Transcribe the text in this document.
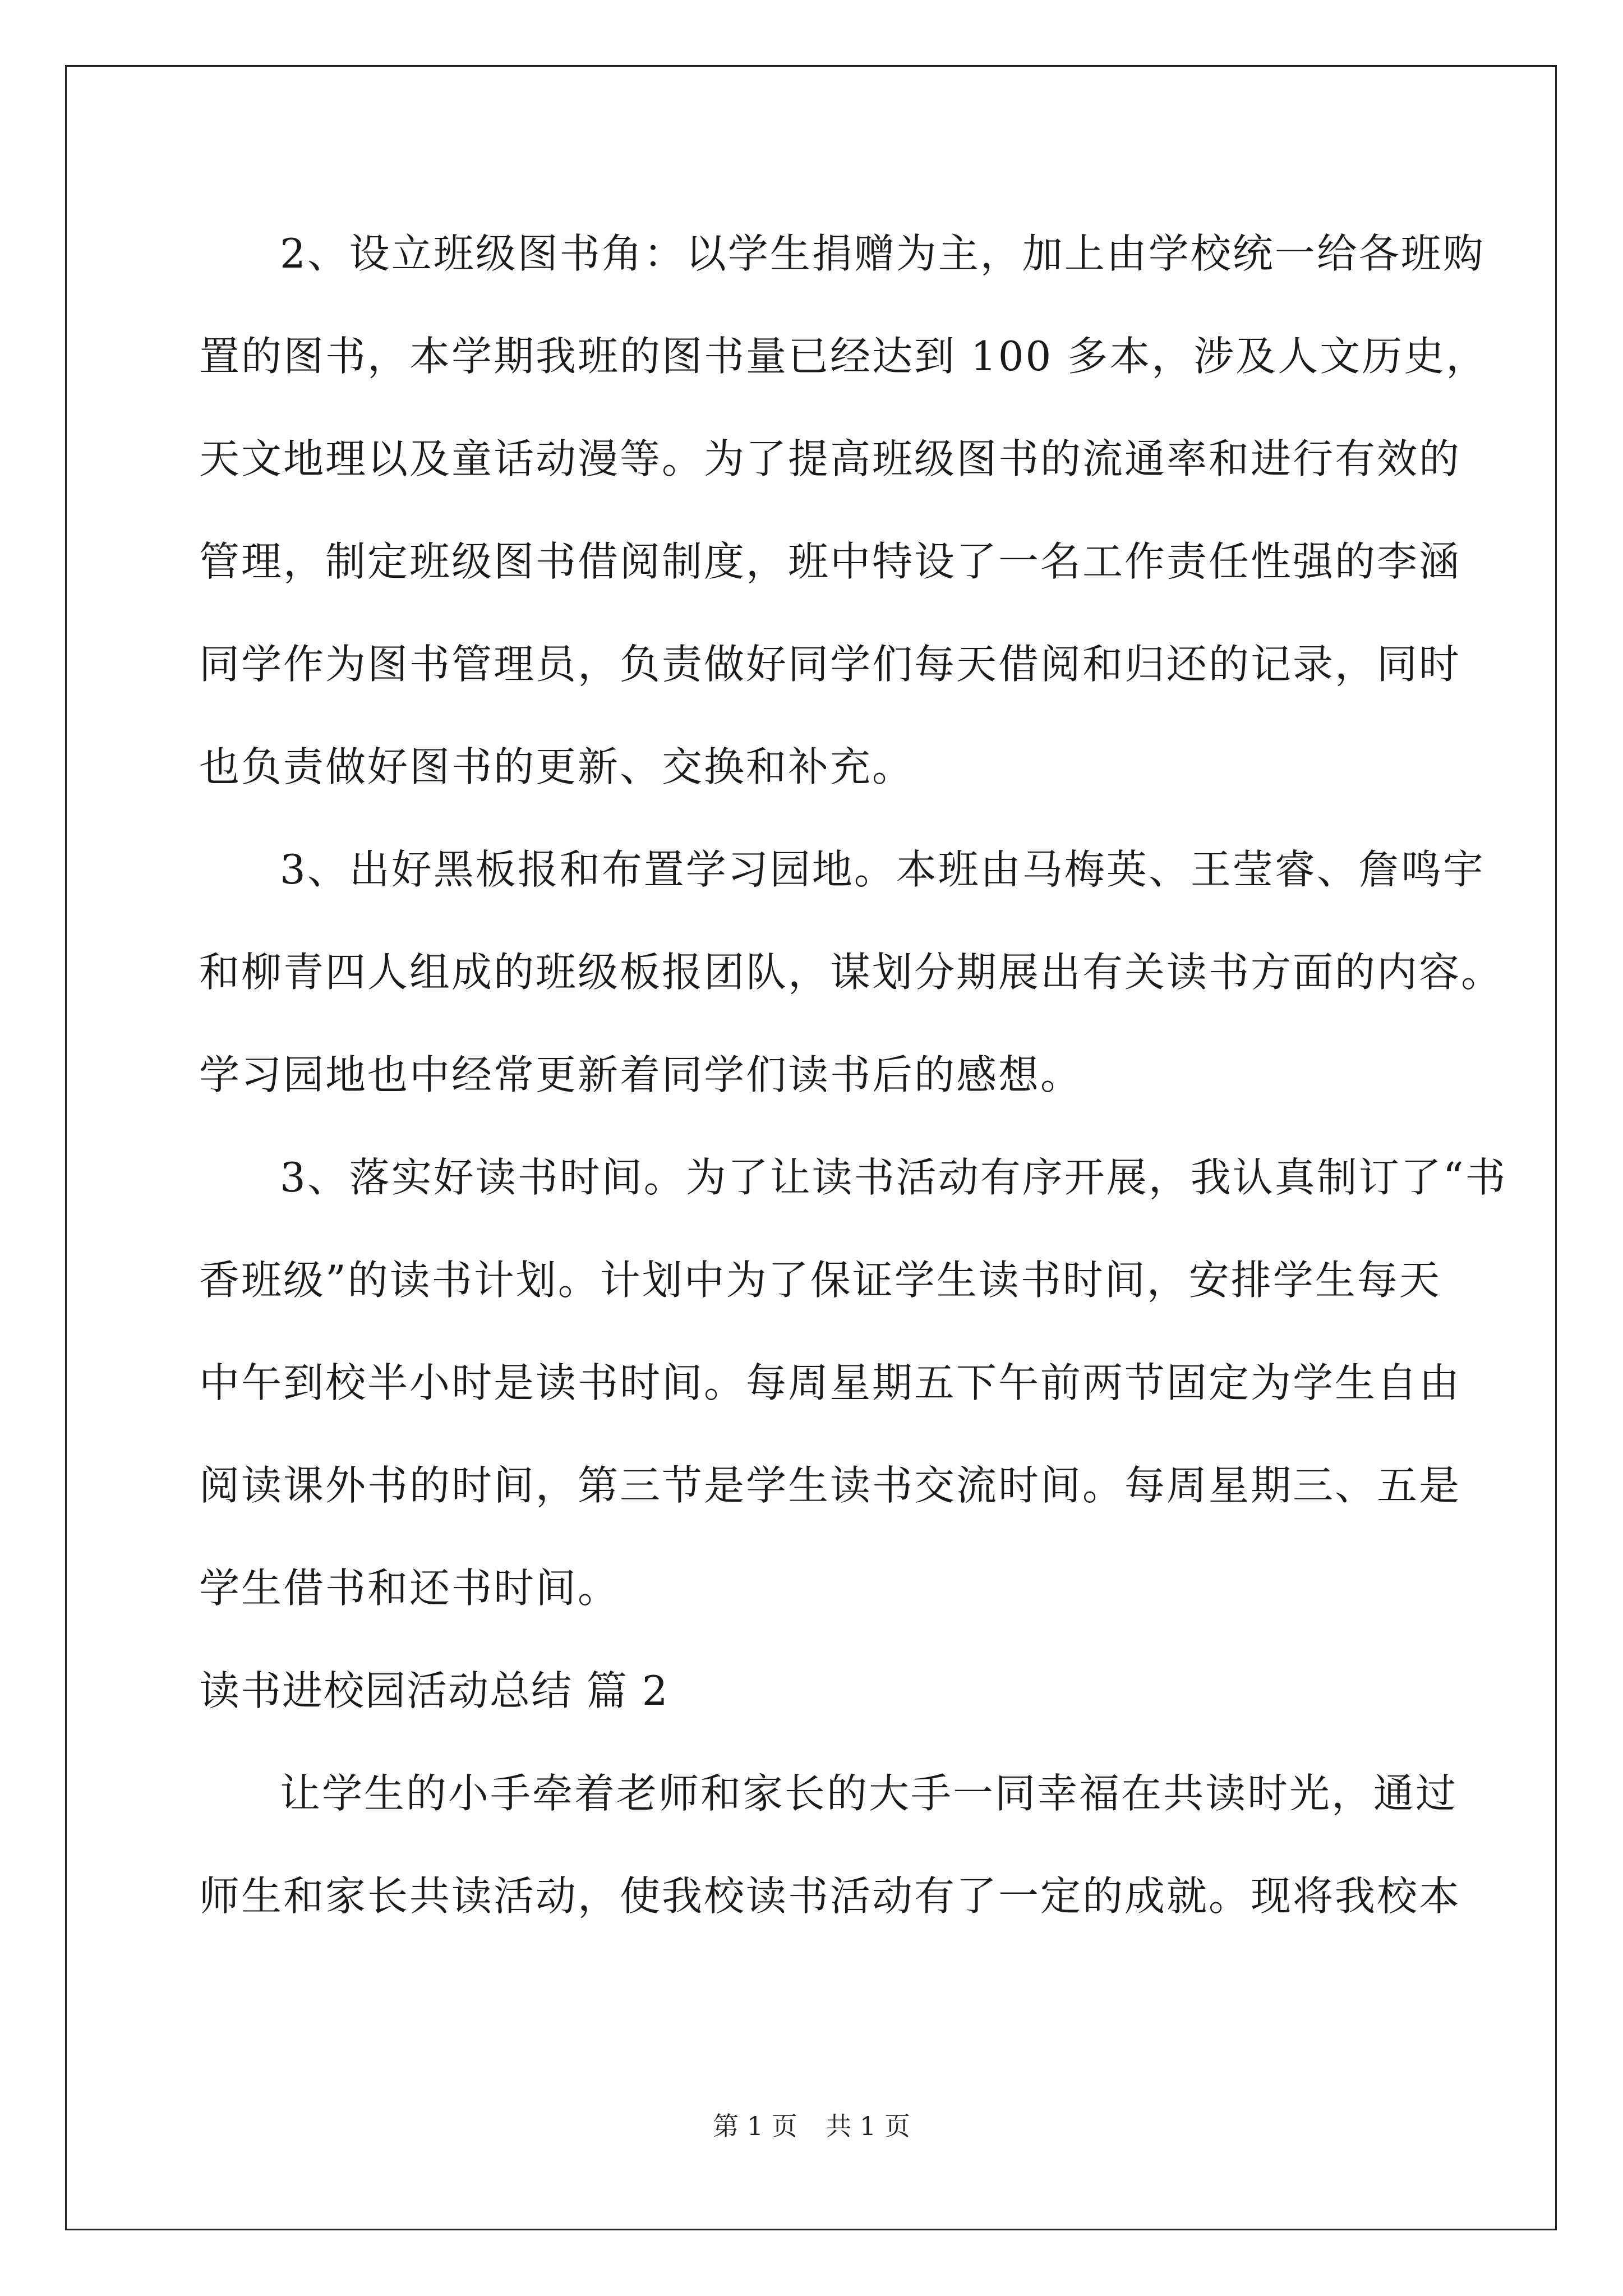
2、设立班级图书角：以学生捐赠为主，加上由学校统一给各班购
置的图书，本学期我班的图书量已经达到 100 多本，涉及人文历史，
天文地理以及童话动漫等。为了提高班级图书的流通率和进行有效的
管理，制定班级图书借阅制度，班中特设了一名工作责任性强的李涵
同学作为图书管理员，负责做好同学们每天借阅和归还的记录，同时
也负责做好图书的更新、交换和补充。
3、出好黑板报和布置学习园地。本班由马梅英、王莹睿、詹鸣宇
和柳青四人组成的班级板报团队，谋划分期展出有关读书方面的内容。
学习园地也中经常更新着同学们读书后的感想。
3、落实好读书时间。为了让读书活动有序开展，我认真制订了“书
香班级”的读书计划。计划中为了保证学生读书时间，安排学生每天
中午到校半小时是读书时间。每周星期五下午前两节固定为学生自由
阅读课外书的时间，第三节是学生读书交流时间。每周星期三、五是
学生借书和还书时间。
读书进校园活动总结 篇 2
让学生的小手牵着老师和家长的大手一同幸福在共读时光，通过
师生和家长共读活动，使我校读书活动有了一定的成就。现将我校本
第 1 页 共 1 页
